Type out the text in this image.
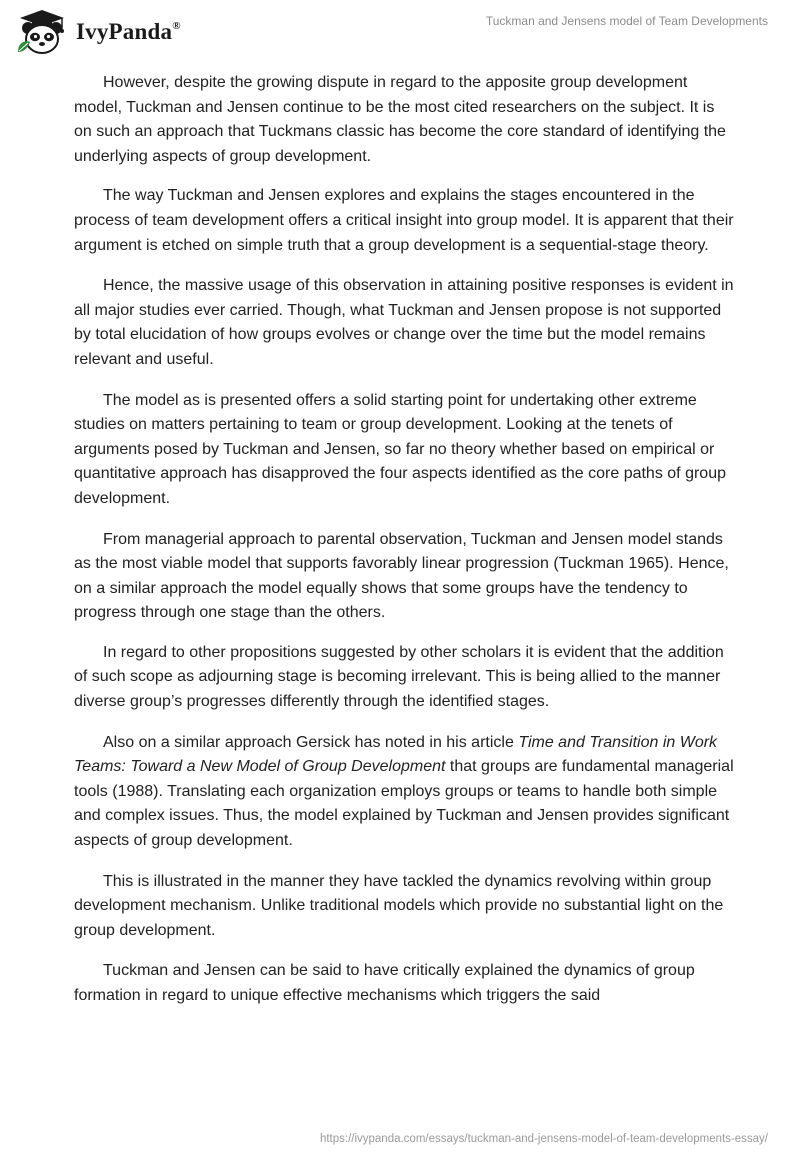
IvyPanda®	Tuckman and Jensens model of Team Developments

However, despite the growing dispute in regard to the apposite group development model, Tuckman and Jensen continue to be the most cited researchers on the subject. It is on such an approach that Tuckmans classic has become the core standard of identifying the underlying aspects of group development.

The way Tuckman and Jensen explores and explains the stages encountered in the process of team development offers a critical insight into group model. It is apparent that their argument is etched on simple truth that a group development is a sequential-stage theory.

Hence, the massive usage of this observation in attaining positive responses is evident in all major studies ever carried. Though, what Tuckman and Jensen propose is not supported by total elucidation of how groups evolves or change over the time but the model remains relevant and useful.

The model as is presented offers a solid starting point for undertaking other extreme studies on matters pertaining to team or group development. Looking at the tenets of arguments posed by Tuckman and Jensen, so far no theory whether based on empirical or quantitative approach has disapproved the four aspects identified as the core paths of group development.

From managerial approach to parental observation, Tuckman and Jensen model stands as the most viable model that supports favorably linear progression (Tuckman 1965). Hence, on a similar approach the model equally shows that some groups have the tendency to progress through one stage than the others.

In regard to other propositions suggested by other scholars it is evident that the addition of such scope as adjourning stage is becoming irrelevant. This is being allied to the manner diverse group’s progresses differently through the identified stages.

Also on a similar approach Gersick has noted in his article Time and Transition in Work Teams: Toward a New Model of Group Development that groups are fundamental managerial tools (1988). Translating each organization employs groups or teams to handle both simple and complex issues. Thus, the model explained by Tuckman and Jensen provides significant aspects of group development.

This is illustrated in the manner they have tackled the dynamics revolving within group development mechanism. Unlike traditional models which provide no substantial light on the group development.

Tuckman and Jensen can be said to have critically explained the dynamics of group formation in regard to unique effective mechanisms which triggers the said

https://ivypanda.com/essays/tuckman-and-jensens-model-of-team-developments-essay/
